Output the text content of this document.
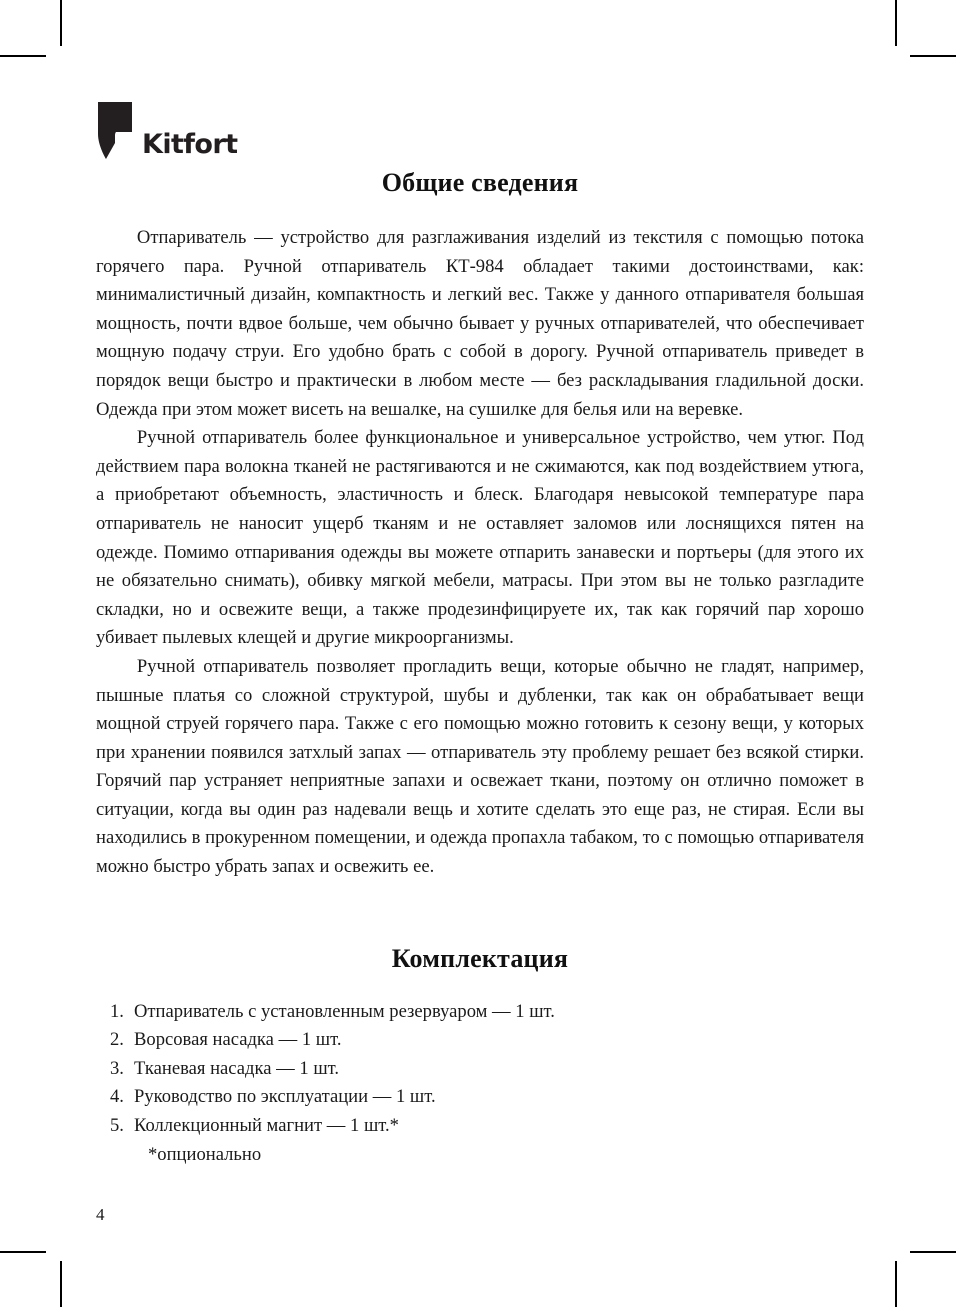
Kitfort
Общие сведения

Отпариватель — устройство для разглаживания изделий из текстиля с помощью потока горячего пара. Ручной отпариватель КТ-984 обладает такими достоинствами, как: минималистичный дизайн, компактность и легкий вес. Также у данного отпаривателя большая мощность, почти вдвое больше, чем обычно бывает у ручных отпаривателей, что обеспечивает мощную подачу струи. Его удобно брать с собой в дорогу. Ручной отпариватель приведет в порядок вещи быстро и практически в любом месте — без раскладывания гладильной доски. Одежда при этом может висеть на вешалке, на сушилке для белья или на веревке.

Ручной отпариватель более функциональное и универсальное устройство, чем утюг. Под действием пара волокна тканей не растягиваются и не сжимаются, как под воздействием утюга, а приобретают объемность, эластичность и блеск. Благодаря невысокой температуре пара отпариватель не наносит ущерб тканям и не оставляет заломов или лоснящихся пятен на одежде. Помимо отпаривания одежды вы можете отпарить занавески и портьеры (для этого их не обязательно снимать), обивку мягкой мебели, матрасы. При этом вы не только разгладите складки, но и освежите вещи, а также продезинфицируете их, так как горячий пар хорошо убивает пылевых клещей и другие микроорганизмы.

Ручной отпариватель позволяет прогладить вещи, которые обычно не гладят, например, пышные платья со сложной структурой, шубы и дубленки, так как он обрабатывает вещи мощной струей горячего пара. Также с его помощью можно готовить к сезону вещи, у которых при хранении появился затхлый запах — отпариватель эту проблему решает без всякой стирки. Горячий пар устраняет неприятные запахи и освежает ткани, поэтому он отлично поможет в ситуации, когда вы один раз надевали вещь и хотите сделать это еще раз, не стирая. Если вы находились в прокуренном помещении, и одежда пропахла табаком, то с помощью отпаривателя можно быстро убрать запах и освежить ее.

Комплектация
1. Отпариватель с установленным резервуаром — 1 шт.
2. Ворсовая насадка — 1 шт.
3. Тканевая насадка — 1 шт.
4. Руководство по эксплуатации — 1 шт.
5. Коллекционный магнит — 1 шт.*
*опционально
4
